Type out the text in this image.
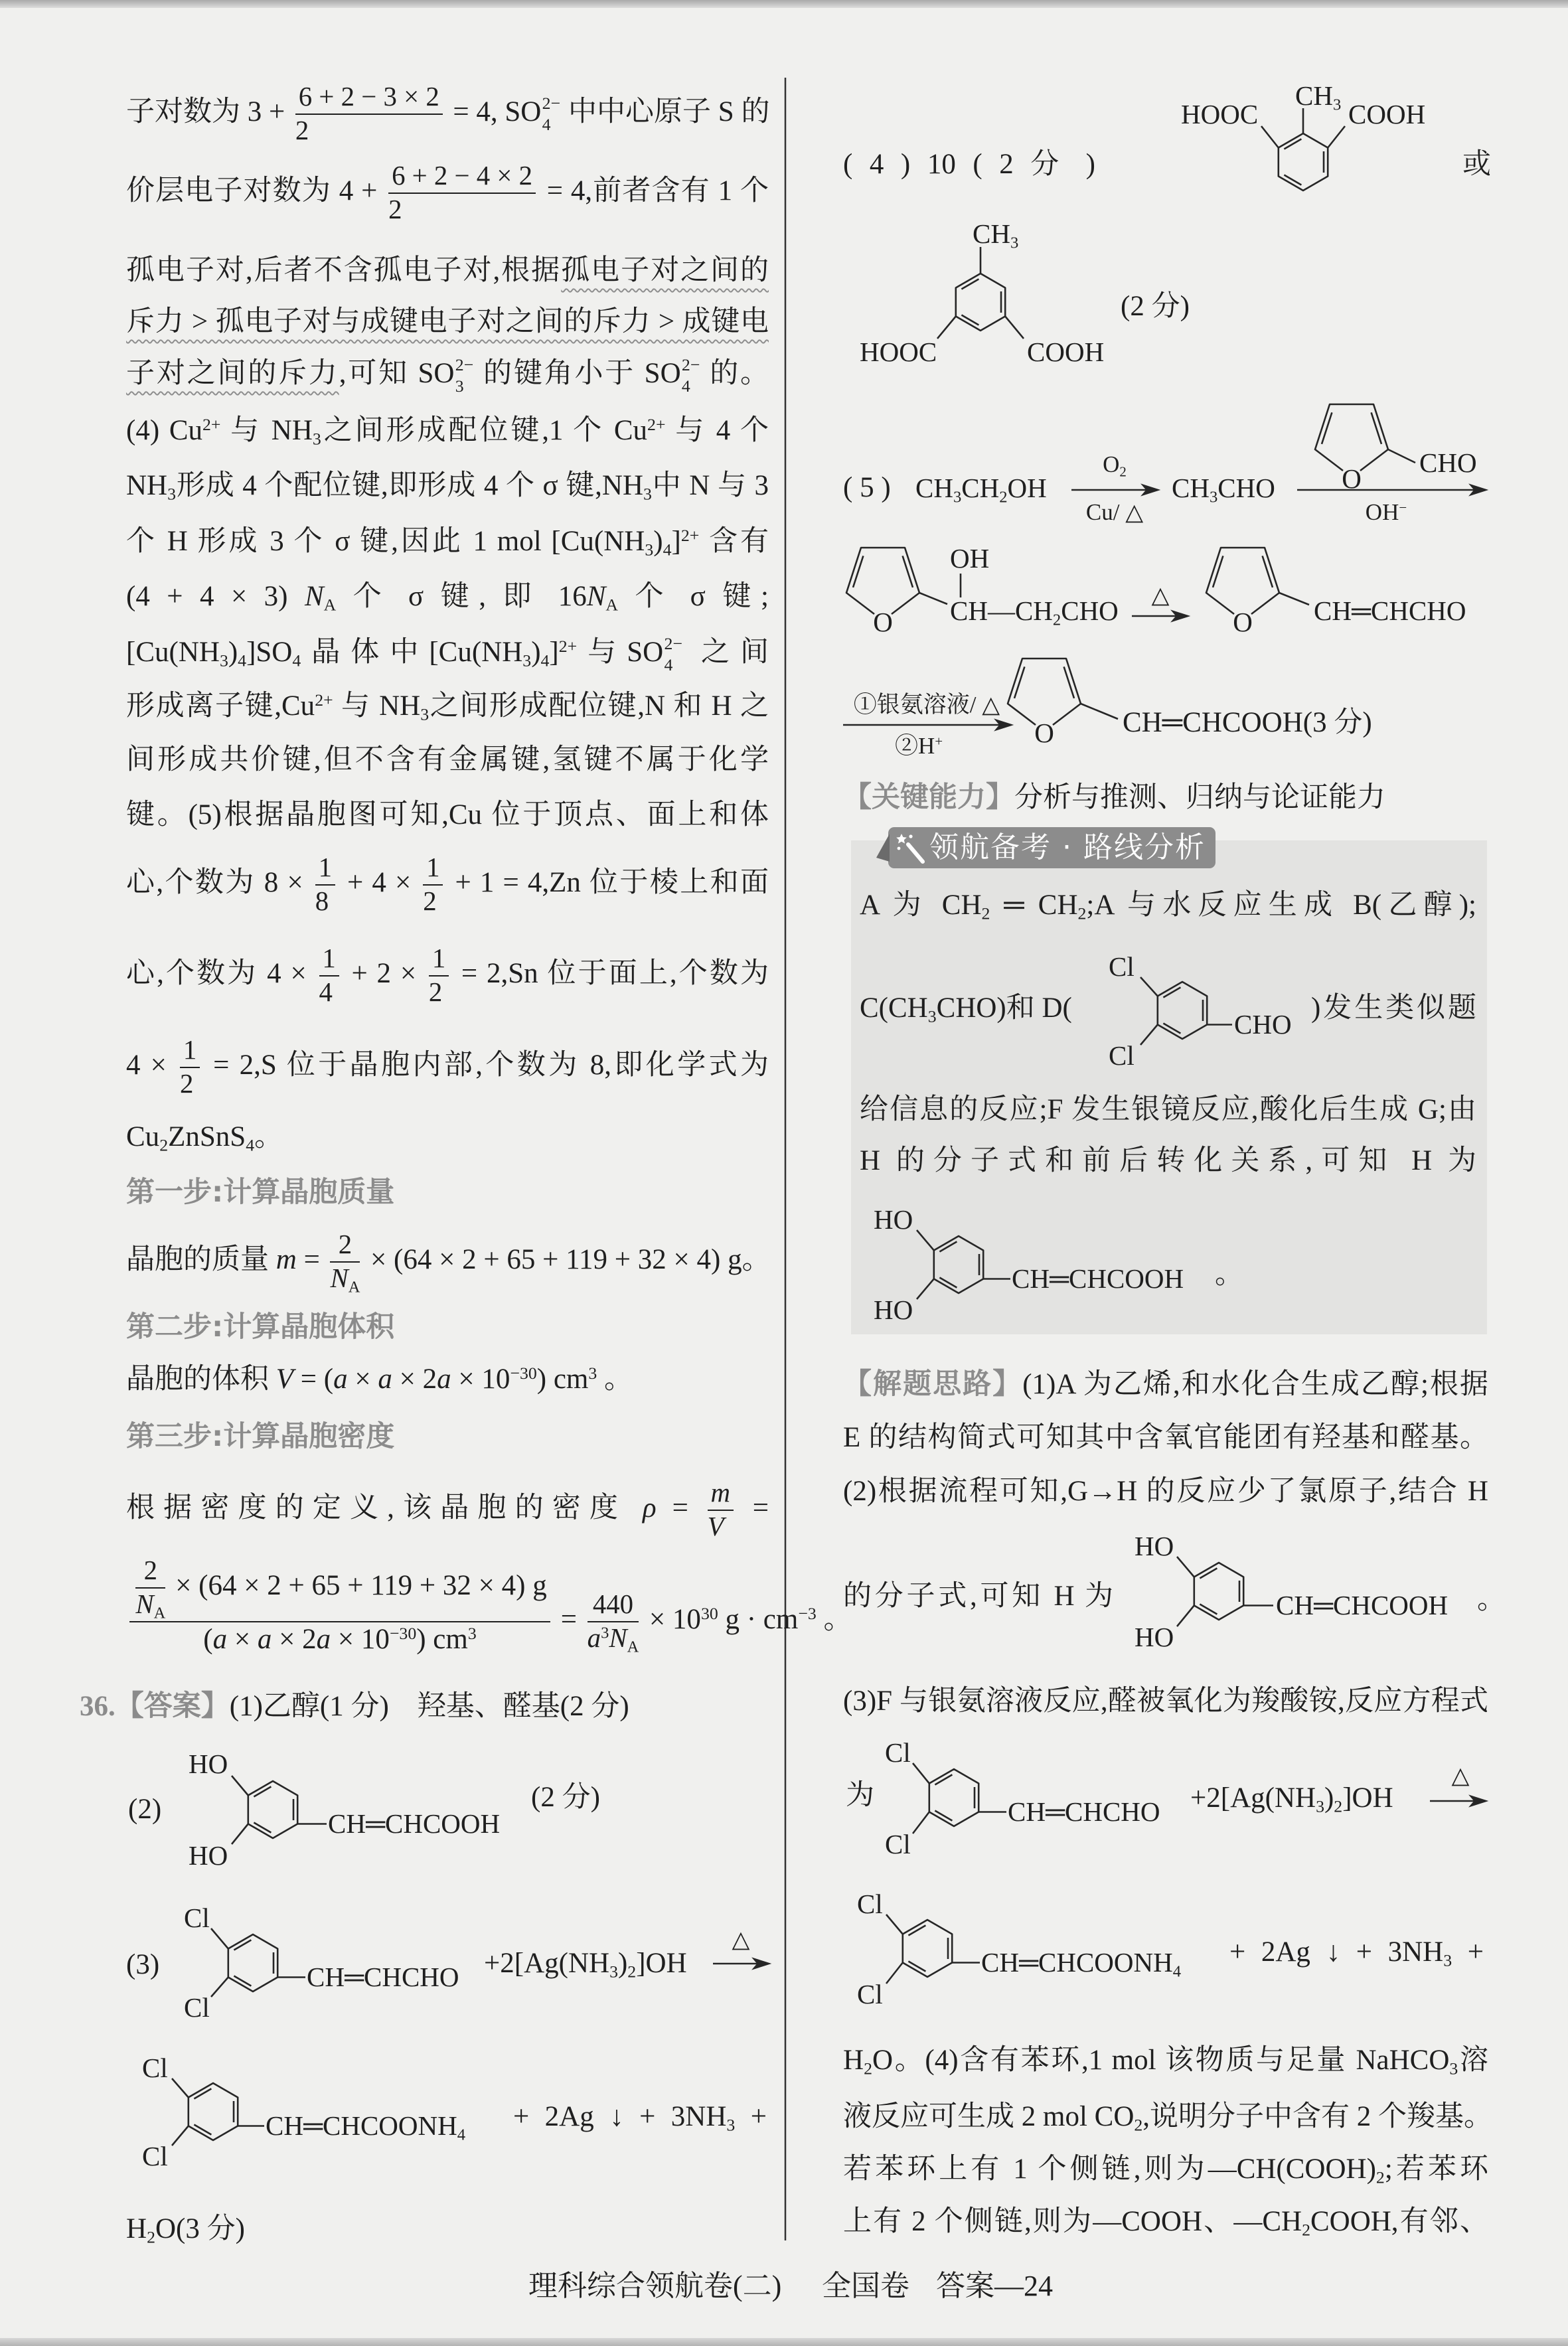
领航备考 · 路线分析
子对数为 $3 + \frac{6 + 2 - 3 \times 2}{2} = 4$, SO 2−
4 中中心原子 S 的
价层电子对数为 $4 + \frac{6 + 2 - 4 \times 2}{2} = 4$,前者含有 1 个
孤电子对,后者不含孤电子对,根据孤电子对之间的
斥力 > 孤电子对与成键电子对之间的斥力 > 成键电
子对之间的斥力,可知 SO 2−
3 的键角小于 SO 2−
4 的。
(4) $Cu^{2+}$ 与 NH3之间形成配位键,1 个 $Cu^{2+}$ 与 4 个
NH3形成 4 个配位键,即形成 4 个 σ 键,NH3中 N 与 3
个 H 形成 3 个 σ 键,因此 1 mol $[Cu(NH3)4]^{2+}$ 含有
(4 + 4 × 3) NA 个 σ 键, 即 16NA 个 σ 键;
[Cu(NH3)4]SO4晶体中$[Cu(NH3)4]^{2+}$与SO 2−
4 之间
形成离子键$,Cu^{2+}$ 与 NH3之间形成配位键,N 和 H 之
间形成共价键,但不含有金属键,氢键不属于化学
键。(5)根据晶胞图可知,Cu 位于顶点、面上和体
心,个数为 $8 \times \frac{1}{8} + 4 \times \frac{1}{2} + 1 = 4,Zn$ 位于棱上和面
心,个数为 $4 \times \frac{1}{4} + 2 \times \frac{1}{2} = 2,Sn$ 位于面上,个数为
$4 \times \frac{1}{2} = 2,S$ 位于晶胞内部,个数为 8,即化学式为
Cu2ZnSnS4。
第一步:计算晶胞质量
晶胞的质量 $m = \frac{2}{NA} \times (64 \times 2 + 65 + 119 + 32 \times 4)$ g。
第二步:计算晶胞体积
晶胞的体积 $V = (a \times a \times 2a \times 10^{-30})$ $cm^3$ 。
第三步:计算晶胞密度
根据密度的定义,该晶胞的密度 $\rho = \frac{m}{V}$ =
$\frac{\frac{2}{NA} \times (64 \times 2 + 65 + 119 + 32 \times 4) g}{(a \times a \times 2a \times 10^{-30}) cm^3} = \frac{440}{a^3NA} \times 10^{30}$ $g \cdot cm^{-3}$ 。
36.【答案】(1)乙醇(1 分)　羟基、醛基(2 分)
(2)
HO
HO
CH═CHCOOH
(2 分)
(3)
Cl
Cl
CH═CHCHO +2[Ag(NH3)2]OH
△
Cl
Cl
CH═CHCOONH4
+ 2Ag ↓ + 3NH3 +
H2O(3 分)
( 4 ) 10 ( 2 分 )
CH3
HOOC	COOH
或
CH3
HOOC	COOH
(2 分)
( 5 ) CH3CH2OH
O2
Cu/ △
CH3CHO O
CHO
OH−
O
OH
CH—CH2CHO
△
O CH═CHCHO
①银氨溶液/ △
②H+	O CH═CHCOOH(3 分)
【关键能力】分析与推测、归纳与论证能力
A 为 CH2 ═ CH2;A 与水反应生成 B(乙醇);
C(CH3CHO)和 D(
Cl
Cl
CHO
)发生类似题
给信息的反应;F 发生银镜反应,酸化后生成 G;由
H 的分子式和前后转化关系,可知 H 为
HO
HO
CH═CHCOOH 。
【解题思路】(1)A 为乙烯,和水化合生成乙醇;根据
E 的结构简式可知其中含氧官能团有羟基和醛基。
(2)根据流程可知,G→H 的反应少了氯原子,结合 H
的分子式,可知 H 为
HO
HO
CH═CHCOOH 。
(3)F 与银氨溶液反应,醛被氧化为羧酸铵,反应方程式
为
Cl
Cl
CH═CHCHO +2[Ag(NH3)2]OH
△
Cl
Cl
CH═CHCOONH4
+ 2Ag ↓ + 3NH3 +
H2O。(4)含有苯环,1 mol 该物质与足量 NaHCO3溶
液反应可生成 2 mol CO2,说明分子中含有 2 个羧基。
若苯环上有 1 个侧链,则为—CH(COOH)2;若苯环
上有 2 个侧链,则为—COOH、—CH2COOH,有邻、
理科综合领航卷(二) 全国卷 答案—24
